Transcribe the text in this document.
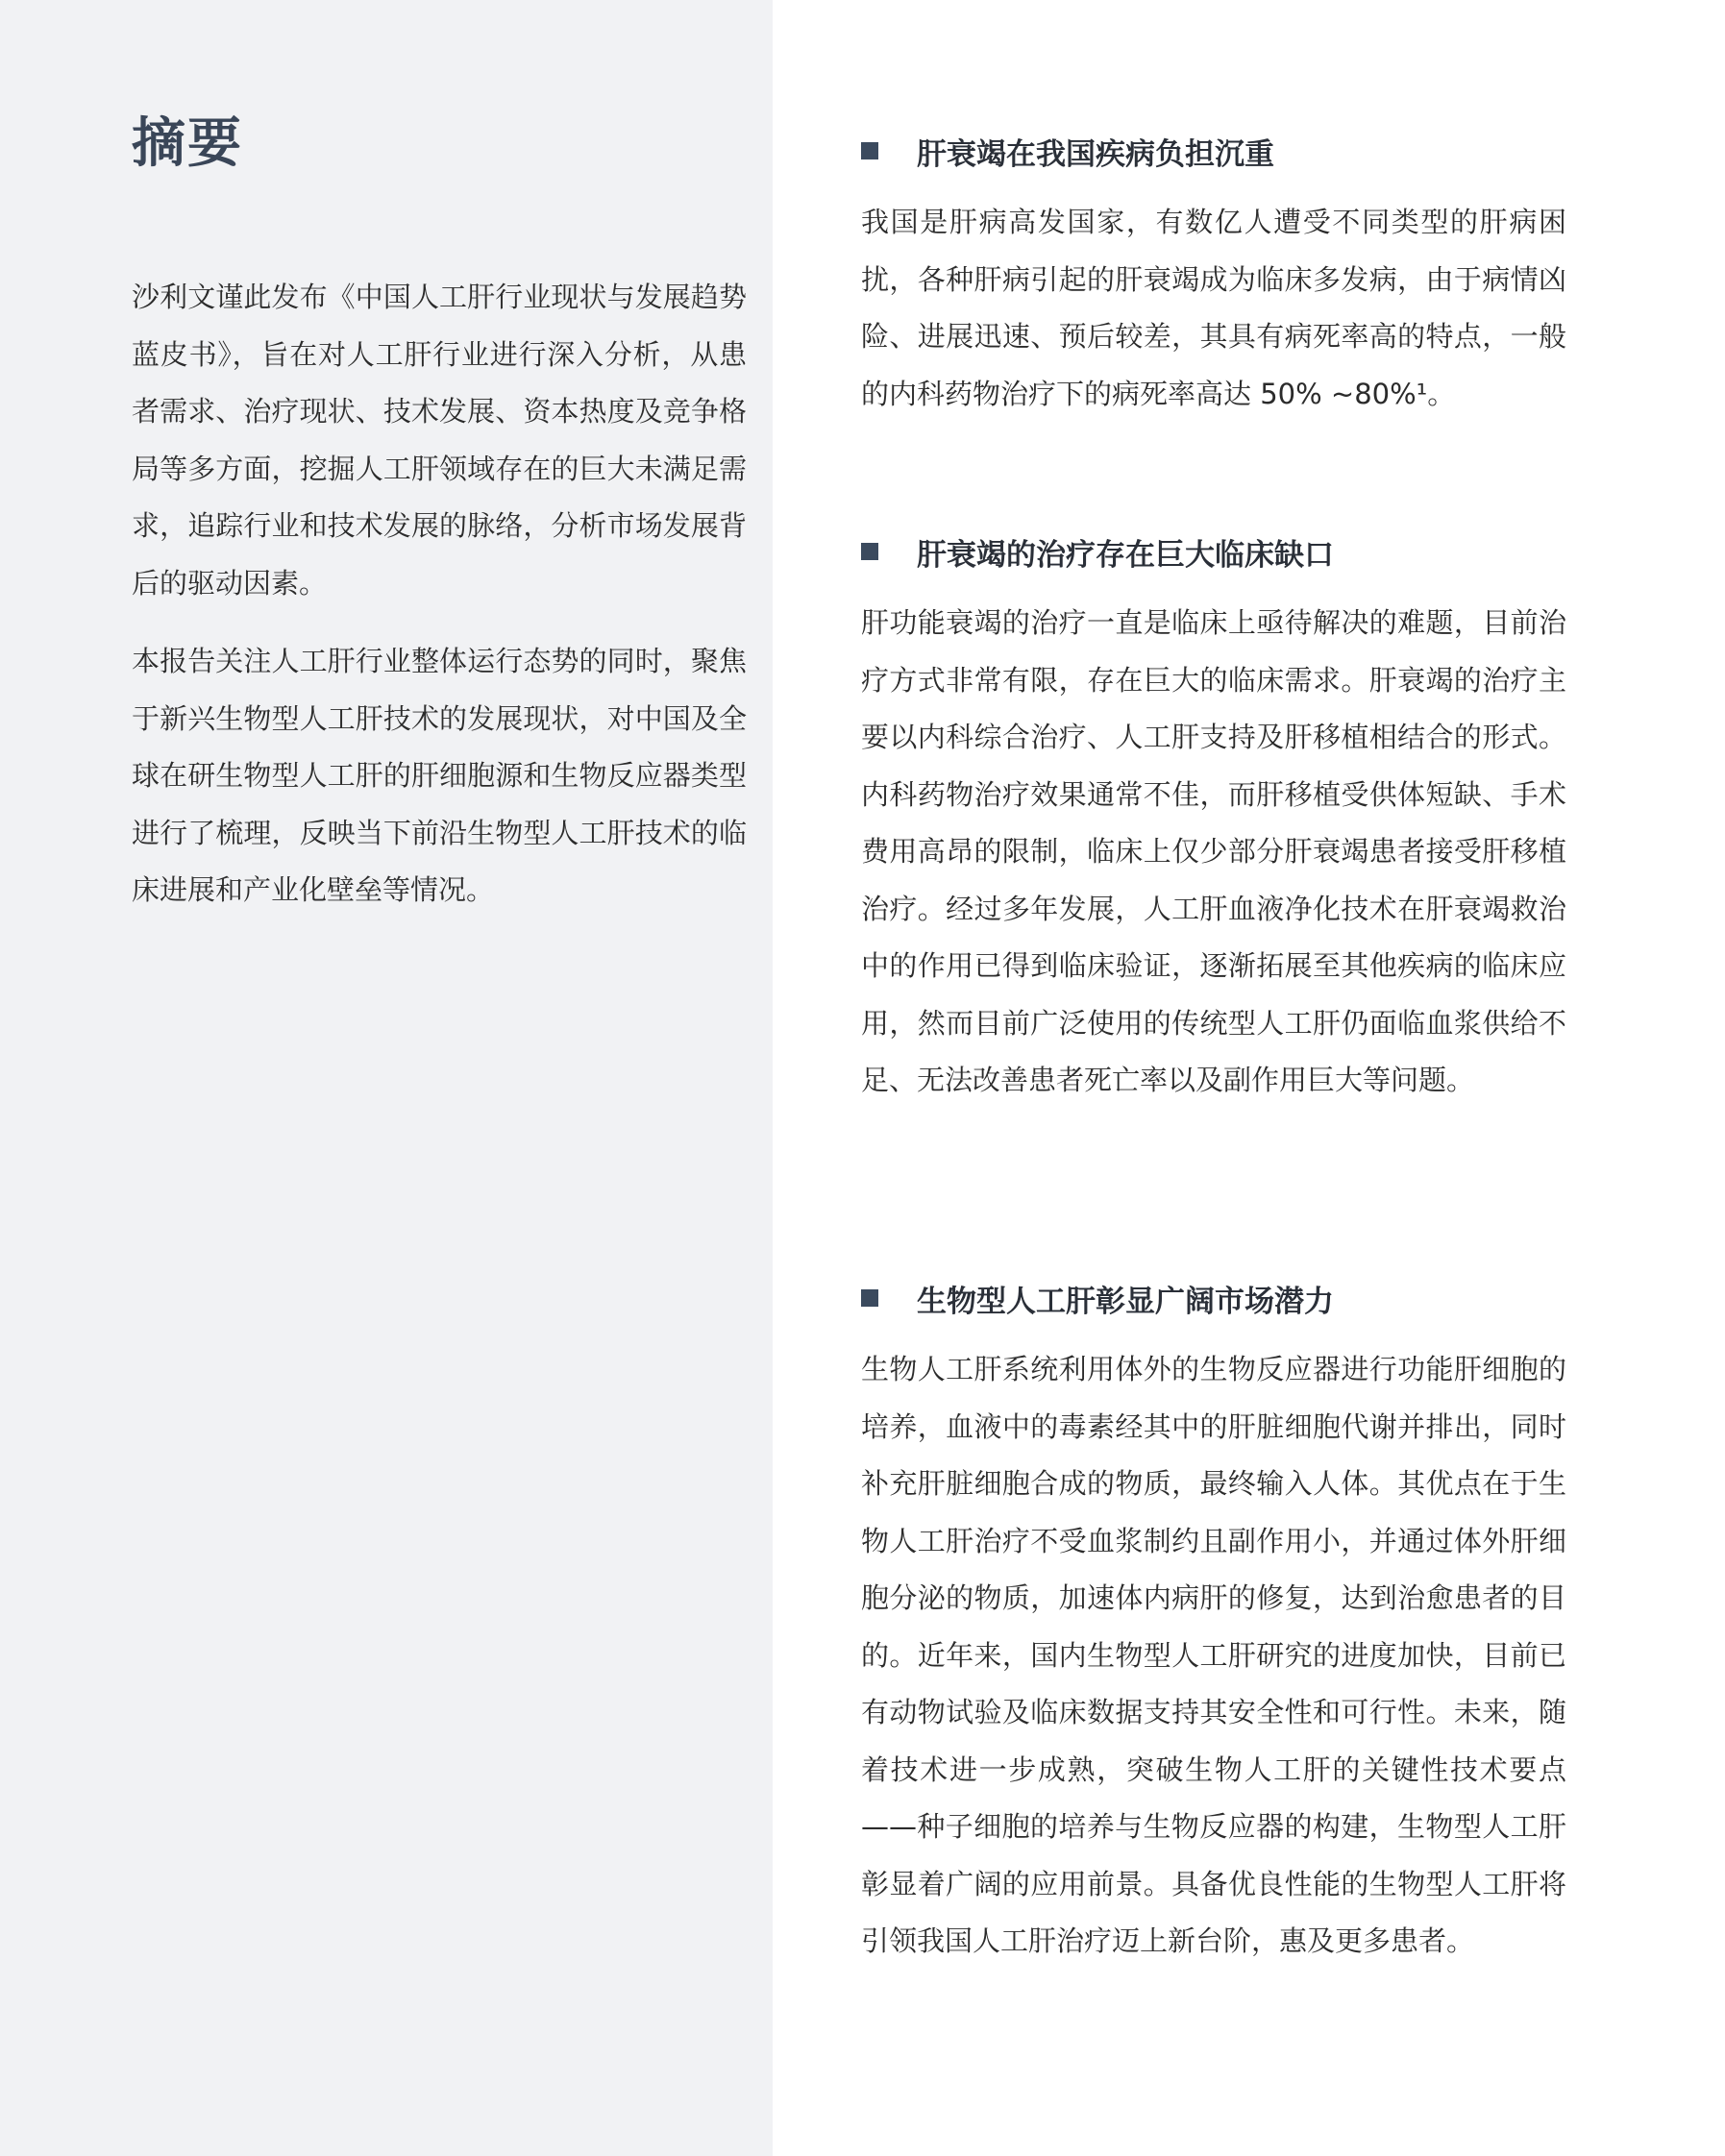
摘要

沙利文谨此发布《中国人工肝行业现状与发展趋势蓝皮书》，旨在对人工肝行业进行深入分析，从患者需求、治疗现状、技术发展、资本热度及竞争格局等多方面，挖掘人工肝领域存在的巨大未满足需求，追踪行业和技术发展的脉络，分析市场发展背后的驱动因素。

本报告关注人工肝行业整体运行态势的同时，聚焦于新兴生物型人工肝技术的发展现状，对中国及全球在研生物型人工肝的肝细胞源和生物反应器类型进行了梳理，反映当下前沿生物型人工肝技术的临床进展和产业化壁垒等情况。

肝衰竭在我国疾病负担沉重

我国是肝病高发国家，有数亿人遭受不同类型的肝病困扰，各种肝病引起的肝衰竭成为临床多发病，由于病情凶险、进展迅速、预后较差，其具有病死率高的特点，一般的内科药物治疗下的病死率高达 50% ~80%¹。

肝衰竭的治疗存在巨大临床缺口

肝功能衰竭的治疗一直是临床上亟待解决的难题，目前治疗方式非常有限，存在巨大的临床需求。肝衰竭的治疗主要以内科综合治疗、人工肝支持及肝移植相结合的形式。内科药物治疗效果通常不佳，而肝移植受供体短缺、手术费用高昂的限制，临床上仅少部分肝衰竭患者接受肝移植治疗。经过多年发展，人工肝血液净化技术在肝衰竭救治中的作用已得到临床验证，逐渐拓展至其他疾病的临床应用，然而目前广泛使用的传统型人工肝仍面临血浆供给不足、无法改善患者死亡率以及副作用巨大等问题。

生物型人工肝彰显广阔市场潜力

生物人工肝系统利用体外的生物反应器进行功能肝细胞的培养，血液中的毒素经其中的肝脏细胞代谢并排出，同时补充肝脏细胞合成的物质，最终输入人体。其优点在于生物人工肝治疗不受血浆制约且副作用小，并通过体外肝细胞分泌的物质，加速体内病肝的修复，达到治愈患者的目的。近年来，国内生物型人工肝研究的进度加快，目前已有动物试验及临床数据支持其安全性和可行性。未来，随着技术进一步成熟，突破生物人工肝的关键性技术要点——种子细胞的培养与生物反应器的构建，生物型人工肝彰显着广阔的应用前景。具备优良性能的生物型人工肝将引领我国人工肝治疗迈上新台阶，惠及更多患者。
